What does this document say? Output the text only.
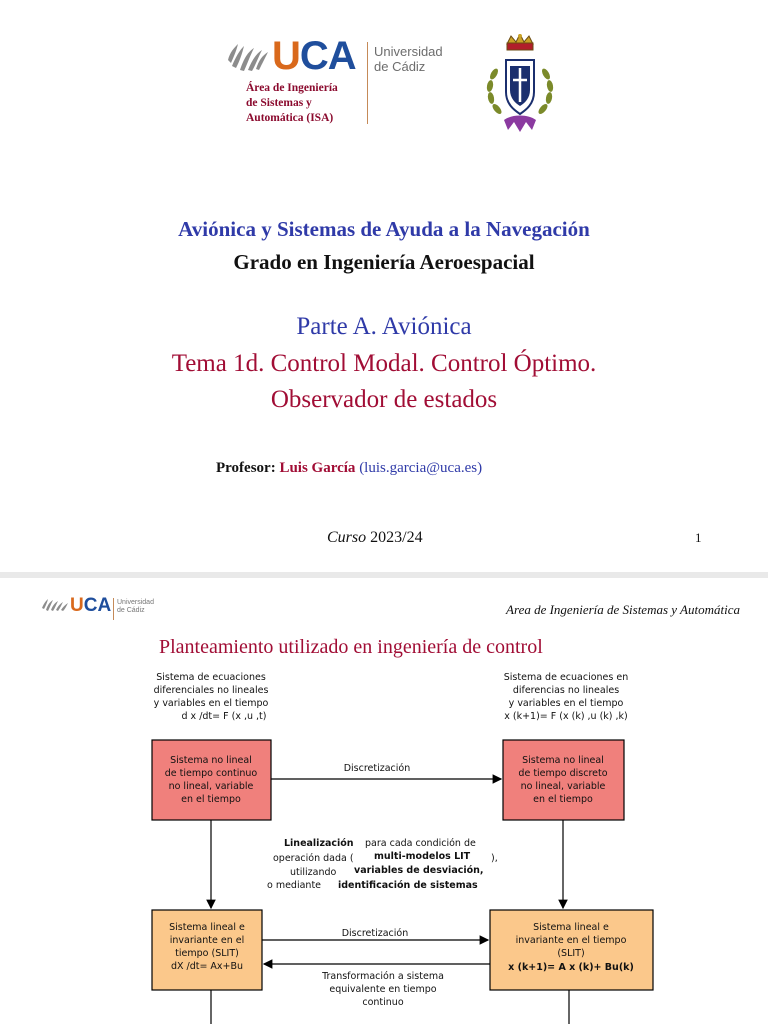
UCA Universidad
de Cádiz
Área de Ingeniería
de Sistemas y
Automática (ISA)
Aviónica y Sistemas de Ayuda a la Navegación
Grado en Ingeniería Aeroespacial
Parte A. Aviónica
Tema 1d. Control Modal. Control Óptimo.
Observador de estados
Profesor: Luis García (luis.garcia@uca.es)
Curso 2023/24	1
UCA Universidad
de Cádiz	Area de Ingeniería de Sistemas y Automática
Planteamiento utilizado en ingeniería de control
Sistema de ecuaciones
diferenciales no lineales
y variables en el tiempo
d x /dt= F (x ,u ,t)
Sistema de ecuaciones en
diferencias no lineales
y variables en el tiempo
x (k+1)= F (x (k) ,u (k) ,k)
Sistema no lineal
de tiempo continuo
no lineal, variable
en el tiempo
Sistema no lineal
de tiempo discreto
no lineal, variable
en el tiempo
Discretización
Linealización para cada condición de
operación dada ( multi-modelos LIT ),
utilizando variables de desviación,
o mediante identificación de sistemas
Sistema lineal e
invariante en el
tiempo (SLIT)
dX /dt= Ax+Bu
Sistema lineal e
invariante en el tiempo
(SLIT)
x (k+1)= A x (k)+ Bu(k)
Discretización
Transformación a sistema
equivalente en tiempo
continuo
